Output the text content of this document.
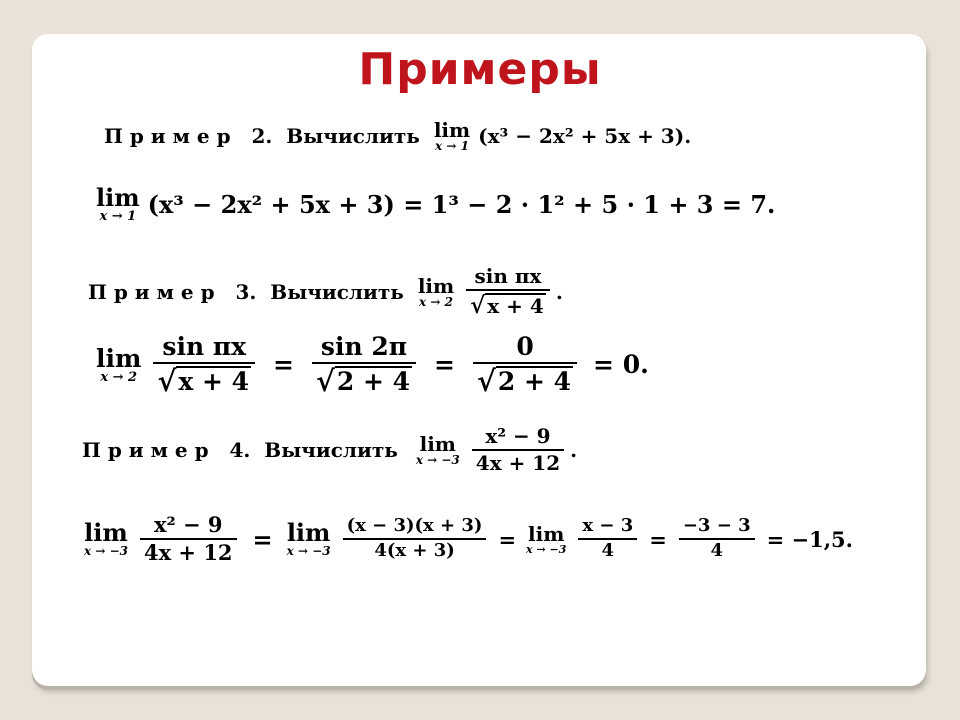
Примеры
П р и м е р   2.  Вычислить lim
x → 1 (x³ − 2x² + 5x + 3).
lim
x → 1 (x³ − 2x² + 5x + 3) = 1³ − 2 · 1² + 5 · 1 + 3 = 7.
П р и м е р   3.  Вычислить lim
$x \to 2 \frac{\text{sin πx}}{√ x + 4}$ .
lim
$x \to 2 \frac{\text{sin πx}}{√ x + 4} = \frac{\sin 2\pi}{√ 2 + 4} = \frac{0}{√ 2 + 4} = 0$.
П р и м е р   4.  Вычислить lim
$x \to -3 \frac{\text{x² − 9}}{4x + 12}$ .
lim
$x \to -3 \frac{\text{x² − 9}}{4x + 12} = \lim$
$x \to -3 \frac{(x - 3)(x + 3)}{4(x + 3)} = \lim$
$x \to -3 \frac{x - 3}{4} = \frac{-3 - 3}{4} = -1,5$.
